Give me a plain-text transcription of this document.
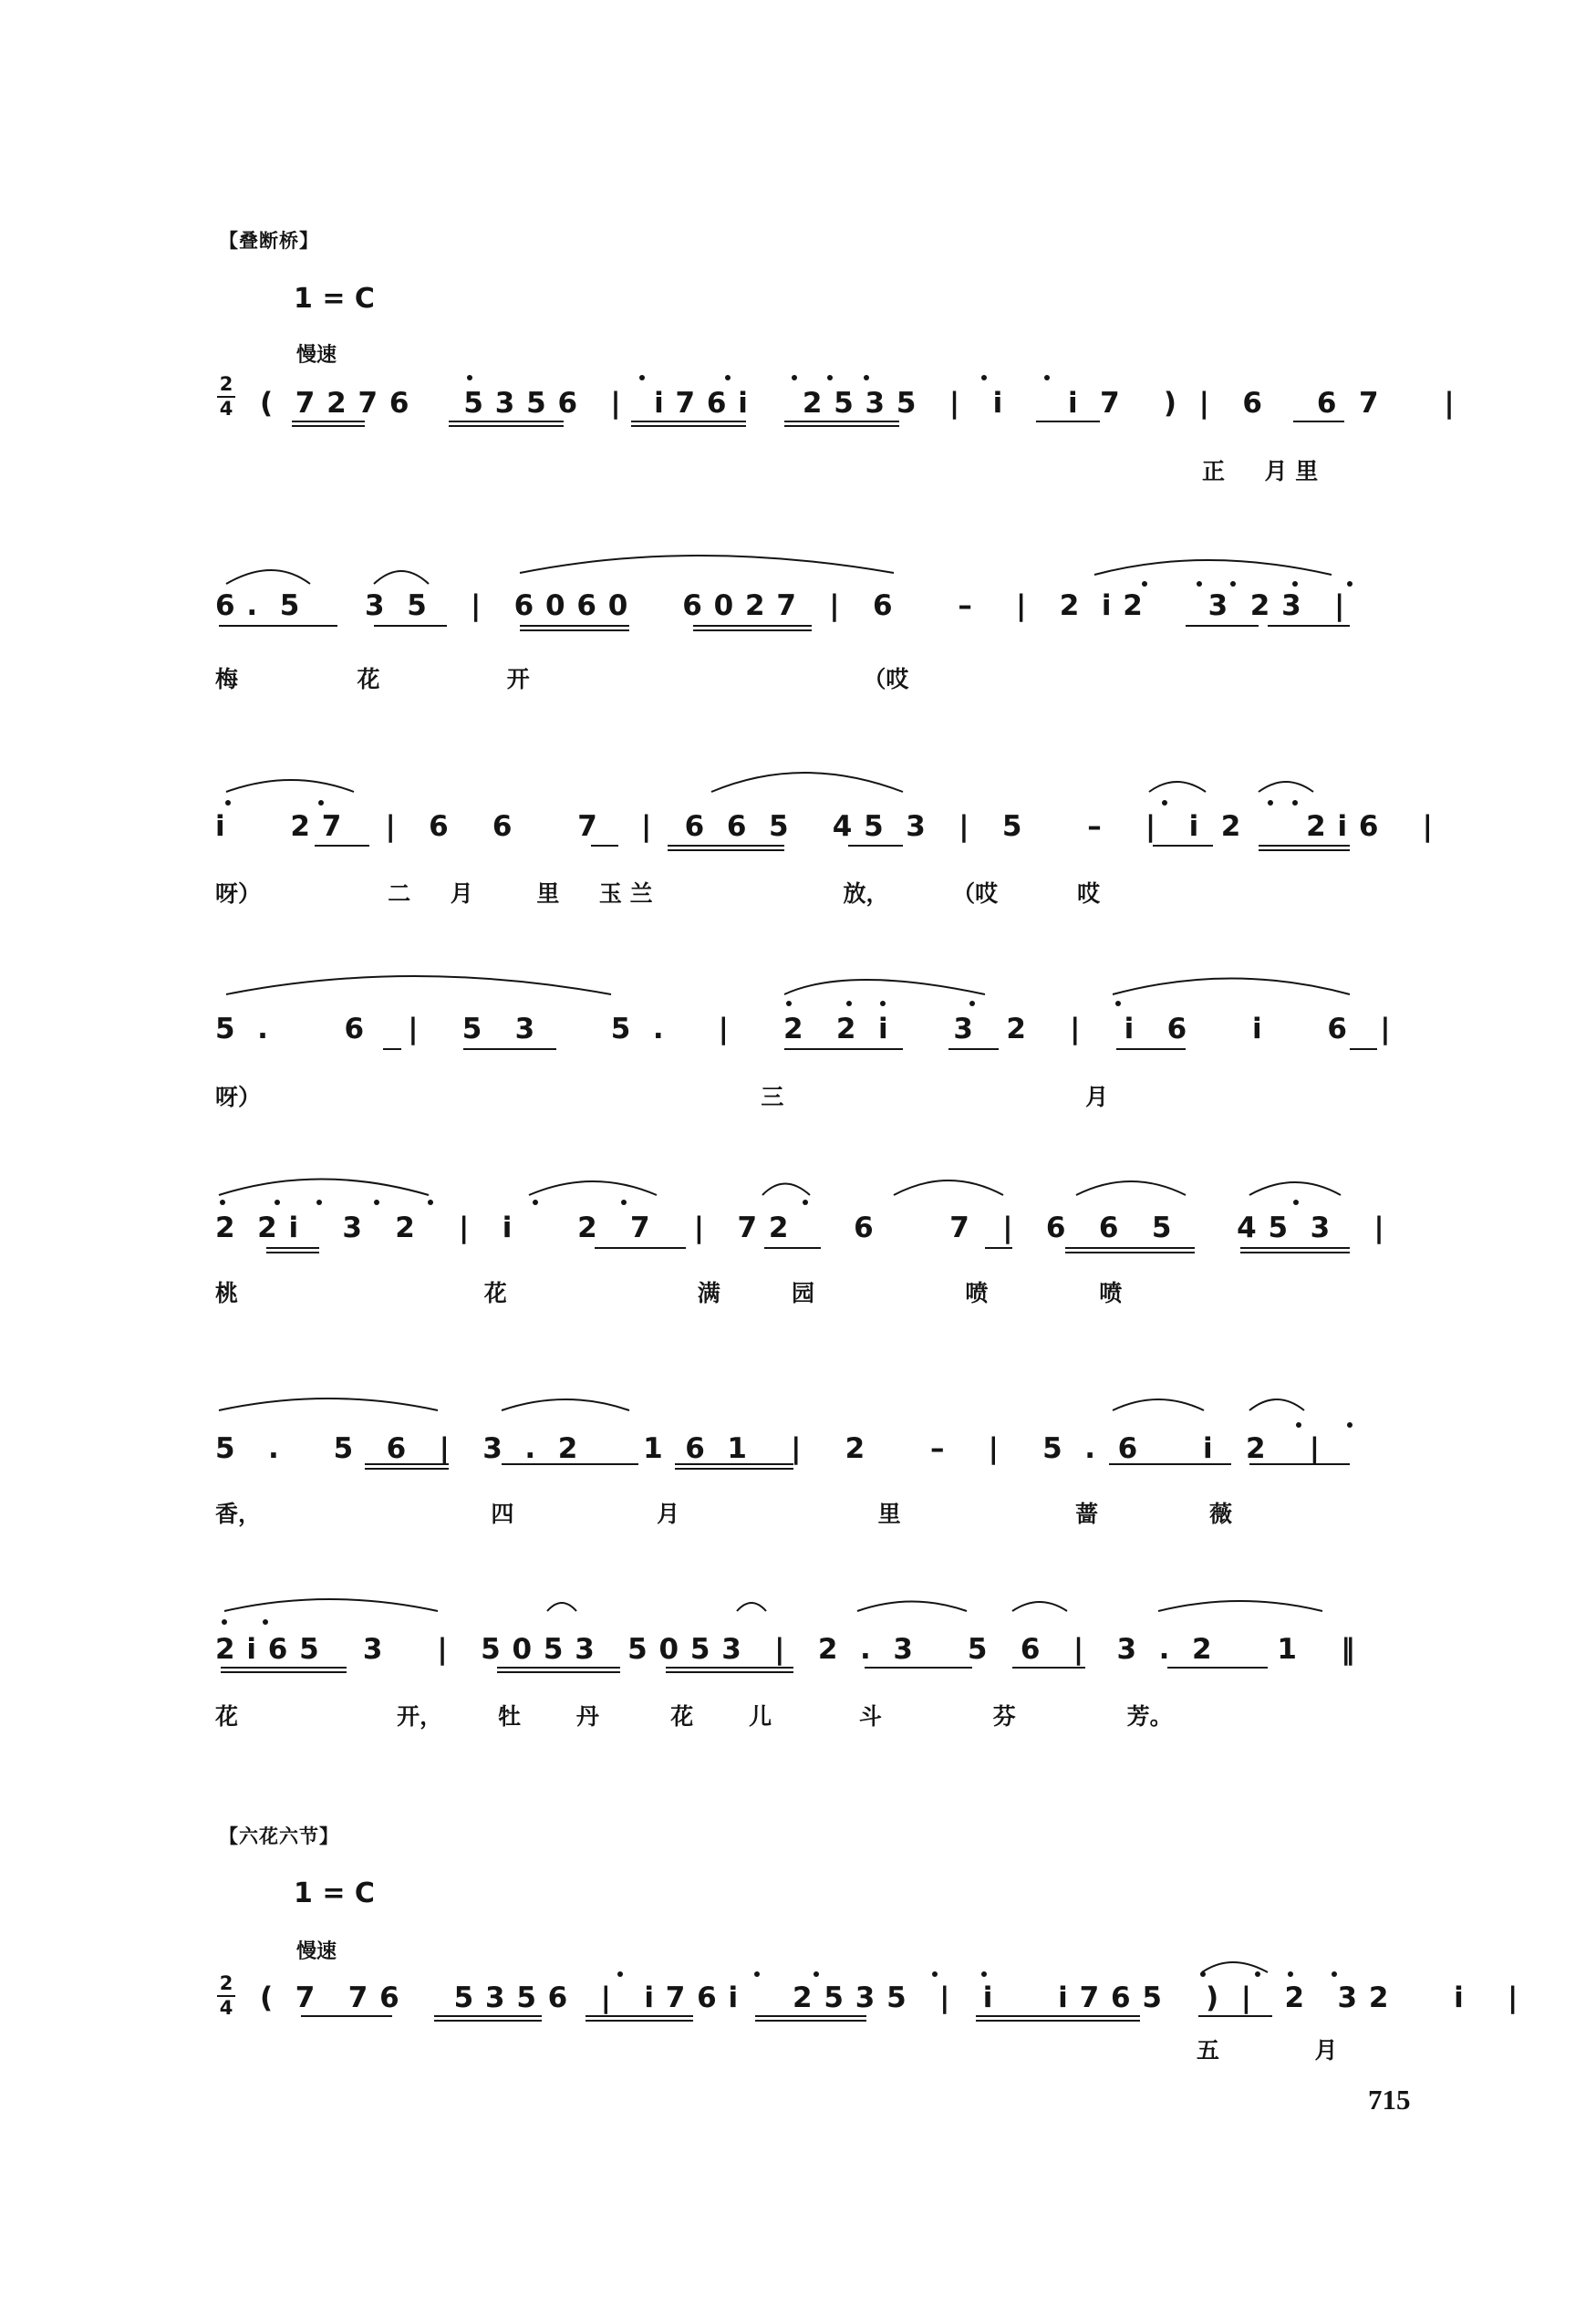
【叠断桥】
1 = C
慢速
2
4 (  7 2 7 6     5 3 5 6   |   i 7 6 i     2 5 3 5   |   i      i  7    )  |   6     6  7      |
正     月 里
6 .  5      3  5    |   6 0 6 0     6 0 2 7   |   6      –    |   2  i 2      3  2 3   |
梅               花                开                                          （哎
i      2 7    |   6    6      7    |   6  6  5    4 5  3   |   5      –    |   i  2      2 i 6    |
呀）                二     月        里     玉 兰                        放，        （哎          哎
5  .       6    |    5   3       5  .     |     2   2  i      3   2    |    i   6      i      6   |
呀）                                                               三                                      月
2  2 i    3   2    |   i      2   7    |   7 2      6       7   |   6   6   5      4 5  3    |
桃                               花                        满         园                   喷              喷
5   .     5   6   |   3  .  2      1  6  1    |    2      –    |    5  .  6      i   2    |
香，                             四                  月                         里                      蔷              薇
2 i 6 5    3     |   5 0 5 3   5 0 5 3   |   2  .  3     5   6   |   3  .  2      1    ‖
花                    开，       牡       丹         花       儿           斗              芬              芳。
【六花六节】
1 = C
慢速
2
4 (  7   7 6     5 3 5 6   |   i 7 6 i     2 5 3 5   |   i      i 7 6 5    )  |   2   3 2      i    |
五            月
715
